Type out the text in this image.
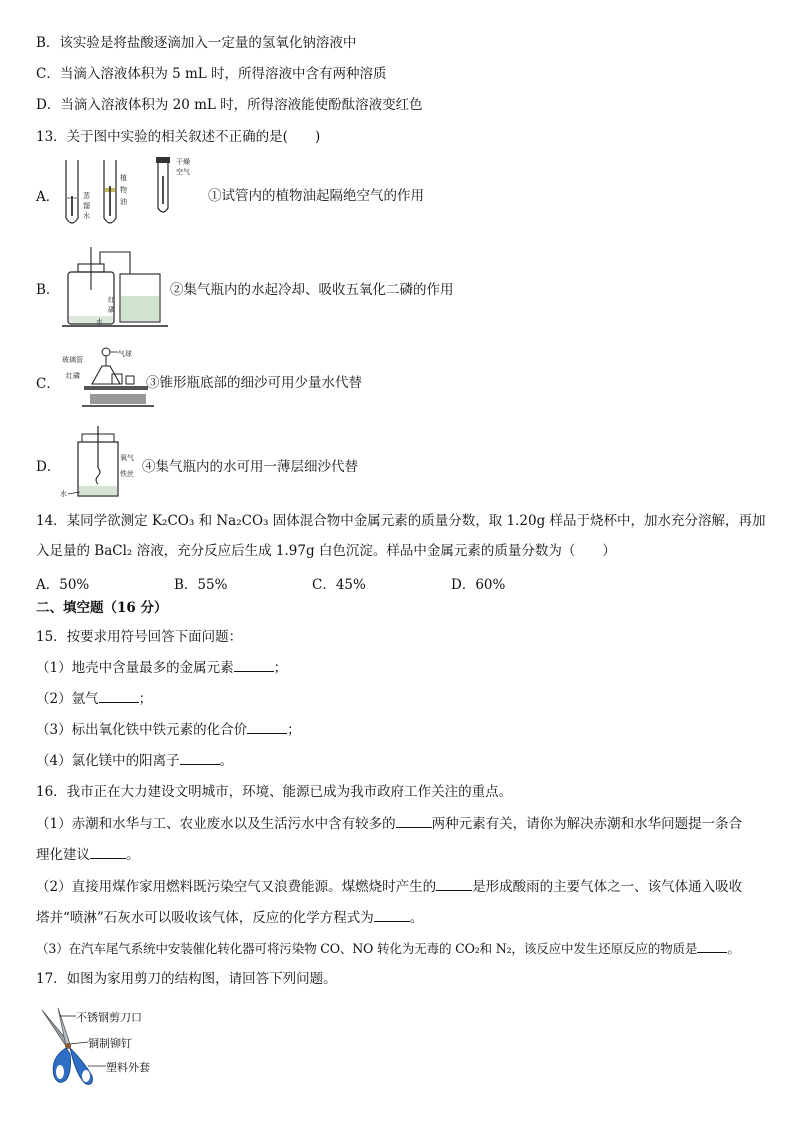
B．该实验是将盐酸逐滴加入一定量的氢氧化钠溶液中
C．当滴入溶液体积为 5 mL 时，所得溶液中含有两种溶质
D．当滴入溶液体积为 20 mL 时，所得溶液能使酚酞溶液变红色
13．关于图中实验的相关叙述不正确的是(　　)
A．	蒸
馏
水
植
物
油
干燥
空气
①试管内的植物油起隔绝空气的作用
B．
红
磷
水
②集气瓶内的水起冷却、吸收五氧化二磷的作用
C．
玻璃管
红磷
气球
③锥形瓶底部的细沙可用少量水代替
D．
氧气
铁丝
水
④集气瓶内的水可用一薄层细沙代替
14．某同学欲测定 K₂CO₃ 和 Na₂CO₃ 固体混合物中金属元素的质量分数，取 1.20g 样品于烧杯中，加水充分溶解，再加
入足量的 BaCl₂ 溶液，充分反应后生成 1.97g 白色沉淀。样品中金属元素的质量分数为（　　）
A．50%	B．55%	C．45%	D．60%
二、填空题（16 分）
15．按要求用符号回答下面问题：
（1）地壳中含量最多的金属元素	；
（2）氩气	；
（3）标出氧化铁中铁元素的化合价	；
（4）氯化镁中的阳离子	。
16．我市正在大力建设文明城市，环境、能源已成为我市政府工作关注的重点。
（1）赤潮和水华与工、农业废水以及生活污水中含有较多的	两种元素有关，请你为解决赤潮和水华问题提一条合
理化建议	。
（2）直接用煤作家用燃料既污染空气又浪费能源。煤燃烧时产生的	是形成酸雨的主要气体之一、该气体通入吸收
塔并“喷淋”石灰水可以吸收该气体，反应的化学方程式为	。
（3）在汽车尾气系统中安装催化转化器可将污染物 CO、NO 转化为无毒的 CO₂和 N₂，该反应中发生还原反应的物质是 。
17．如图为家用剪刀的结构图，请回答下列问题。
不锈钢剪刀口
铜制铆钉
塑料外套
